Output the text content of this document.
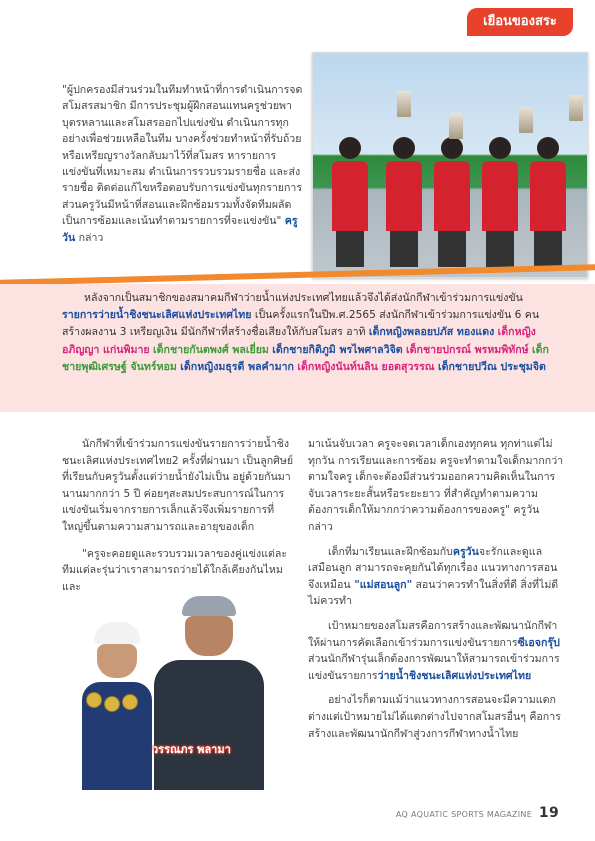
เยือนของสระ
"ผู้ปกครองมีส่วนร่วมในทีมทำหน้าที่การดำเนินการจดสโมสรสมาชิก มีการประชุมผู้ฝึกสอนแทนครูช่วยพาบุตรหลานและสโมสรออกไปแข่งขัน ดำเนินการทุกอย่างเพื่อช่วยเหลือในทีม บางครั้งช่วยทำหน้าที่รับถ้วยหรือเหรียญรางวัลกลับมาไว้ที่สโมสร หารายการแข่งขันที่เหมาะสม ดำเนินการรวบรวมรายชื่อ และส่งรายชื่อ ติดต่อแก้ไขหรือตอบรับการแข่งขันทุกรายการ ส่วนครูวันมีหน้าที่สอนและฝึกซ้อมรวมทั้งจัดทีมผลัด เป็นการซ้อมและเน้นทำตามรายการที่จะแข่งขัน" ครูวัน กล่าว
หลังจากเป็นสมาชิกของสมาคมกีฬาว่ายน้ำแห่งประเทศไทยแล้วจึงได้ส่งนักกีฬาเข้าร่วมการแข่งขัน รายการว่ายน้ำชิงชนะเลิศแห่งประเทศไทย เป็นครั้งแรกในปีพ.ศ.2565 ส่งนักกีฬาเข้าร่วมการแข่งขัน 6 คน สร้างผลงาน 3 เหรียญเงิน มีนักกีฬาที่สร้างชื่อเสียงให้กับสโมสร อาทิ เด็กหญิงพลอยปภัส ทองแดง เด็กหญิงอภิญญา แก่นพิมาย เด็กชายกันตพงศ์ พลเยี่ยม เด็กชายกิติภูมิ พรไพศาลวิจิต เด็กชายปกรณ์ พรหมพิทักษ์ เด็กชายพุฒิเศรษฐ์ จันทร์หอม เด็กหญิงมธุรดี พลคำมาก เด็กหญิงนันท์นลิน ยอดสุวรรณ เด็กชายปวีณ ประชุมจิต

นักกีฬาที่เข้าร่วมการแข่งขันรายการว่ายน้ำชิงชนะเลิศแห่งประเทศไทย2 ครั้งที่ผ่านมา เป็นลูกศิษย์ที่เรียนกับครูวันตั้งแต่ว่ายน้ำยังไม่เป็น อยู่ด้วยกันมานานมากกว่า 5 ปี ค่อยๆสะสมประสบการณ์ในการแข่งขันเริ่มจากรายการเล็กแล้วจึงเพิ่มรายการที่ใหญ่ขึ้นตามความสามารถและอายุของเด็ก

"ครูจะคอยดูและรวบรวมเวลาของคู่แข่งแต่ละทีมแต่ละรุ่นว่าเราสามารถว่ายได้ใกล้เคียงกันไหมและ

วรรณภร พลามา

มาเน้นจับเวลา ครูจะจดเวลาเด็กเองทุกคน ทุกท่าแต่ไม่ทุกวัน การเรียนและการซ้อม ครูจะทำตามใจเด็กมากกว่าตามใจครู เด็กจะต้องมีส่วนร่วมออกความคิดเห็นในการจับเวลาระยะสั้นหรือระยะยาว ที่สำคัญทำตามความต้องการเด็กให้มากกว่าความต้องการของครู" ครูวันกล่าว

เด็กที่มาเรียนและฝึกซ้อมกับครูวันจะรักและดูแลเสมือนลูก สามารถจะคุยกันได้ทุกเรื่อง แนวทางการสอนจึงเหมือน "แม่สอนลูก" สอนว่าควรทำในสิ่งที่ดี สิ่งที่ไม่ดีไม่ควรทำ

เป้าหมายของสโมสรคือการสร้างและพัฒนานักกีฬาให้ผ่านการคัดเลือกเข้าร่วมการแข่งขันรายการซีเอจกรุ๊ป ส่วนนักกีฬารุ่นเล็กต้องการพัฒนาให้สามารถเข้าร่วมการแข่งขันรายการว่ายน้ำชิงชนะเลิศแห่งประเทศไทย

อย่างไรก็ตามแม้ว่าแนวทางการสอนจะมีความแตกต่างแต่เป้าหมายไม่ได้แตกต่างไปจากสโมสรอื่นๆ คือการสร้างและพัฒนานักกีฬาสู่วงการกีฬาทางน้ำไทย

AQ AQUATIC SPORTS MAGAZINE 19
